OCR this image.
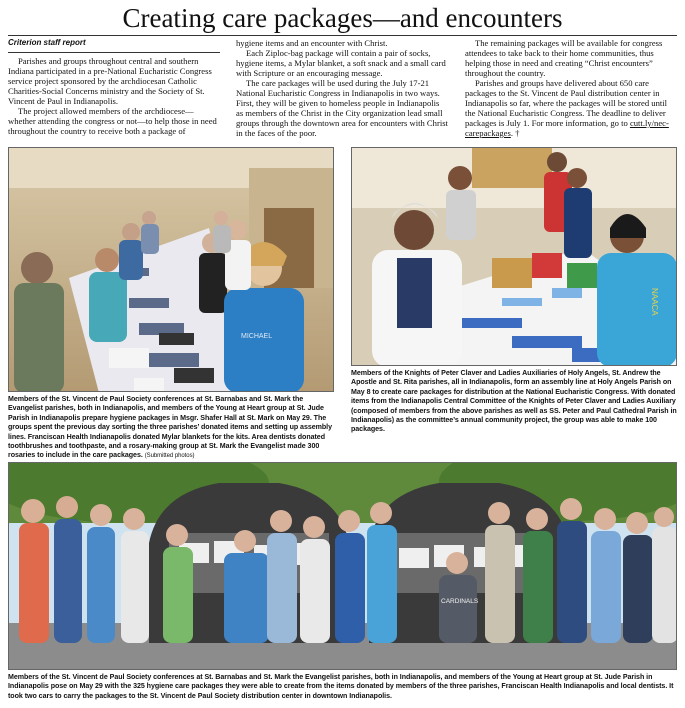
Creating care packages—and encounters
Criterion staff report

Parishes and groups throughout central and southern Indiana participated in a pre-National Eucharistic Congress service project sponsored by the archdiocesan Catholic Charities-Social Concerns ministry and the Society of St. Vincent de Paul in Indianapolis.

The project allowed members of the archdiocese—whether attending the congress or not—to help those in need throughout the country to receive both a package of

hygiene items and an encounter with Christ.

Each Ziploc-bag package will contain a pair of socks, hygiene items, a Mylar blanket, a soft snack and a small card with Scripture or an encouraging message.

The care packages will be used during the July 17-21 National Eucharistic Congress in Indianapolis in two ways. First, they will be given to homeless people in Indianapolis as members of the Christ in the City organization lead small groups through the downtown area for encounters with Christ in the faces of the poor.

The remaining packages will be available for congress attendees to take back to their home communities, thus helping those in need and creating “Christ encounters” throughout the country.

Parishes and groups have delivered about 650 care packages to the St. Vincent de Paul distribution center in Indianapolis so far, where the packages will be stored until the National Eucharistic Congress. The deadline to deliver packages is July 1. For more information, go to cutt.ly/nec-carepackages. †

MICHAEL
NAACA
Members of the St. Vincent de Paul Society conferences at St. Barnabas and St. Mark the Evangelist parishes, both in Indianapolis, and members of the Young at Heart group at St. Jude Parish in Indianapolis prepare hygiene packages in Msgr. Shafer Hall at St. Mark on May 29. The groups spent the previous day sorting the three parishes’ donated items and setting up assembly lines. Franciscan Health Indianapolis donated Mylar blankets for the kits. Area dentists donated toothbrushes and toothpaste, and a rosary-making group at St. Mark the Evangelist made 300 rosaries to include in the care packages. (Submitted photos)
Members of the Knights of Peter Claver and Ladies Auxiliaries of Holy Angels, St. Andrew the Apostle and St. Rita parishes, all in Indianapolis, form an assembly line at Holy Angels Parish on May 8 to create care packages for distribution at the National Eucharistic Congress. With donated items from the Indianapolis Central Committee of the Knights of Peter Claver and Ladies Auxiliary (composed of members from the above parishes as well as SS. Peter and Paul Cathedral Parish in Indianapolis) as the committee’s annual community project, the group was able to make 100 packages.
CARDINALS
Members of the St. Vincent de Paul Society conferences at St. Barnabas and St. Mark the Evangelist parishes, both in Indianapolis, and members of the Young at Heart group at St. Jude Parish in Indianapolis pose on May 29 with the 325 hygiene care packages they were able to create from the items donated by members of the three parishes, Franciscan Health Indianapolis and local dentists. It took two cars to carry the packages to the St. Vincent de Paul Society distribution center in downtown Indianapolis.
